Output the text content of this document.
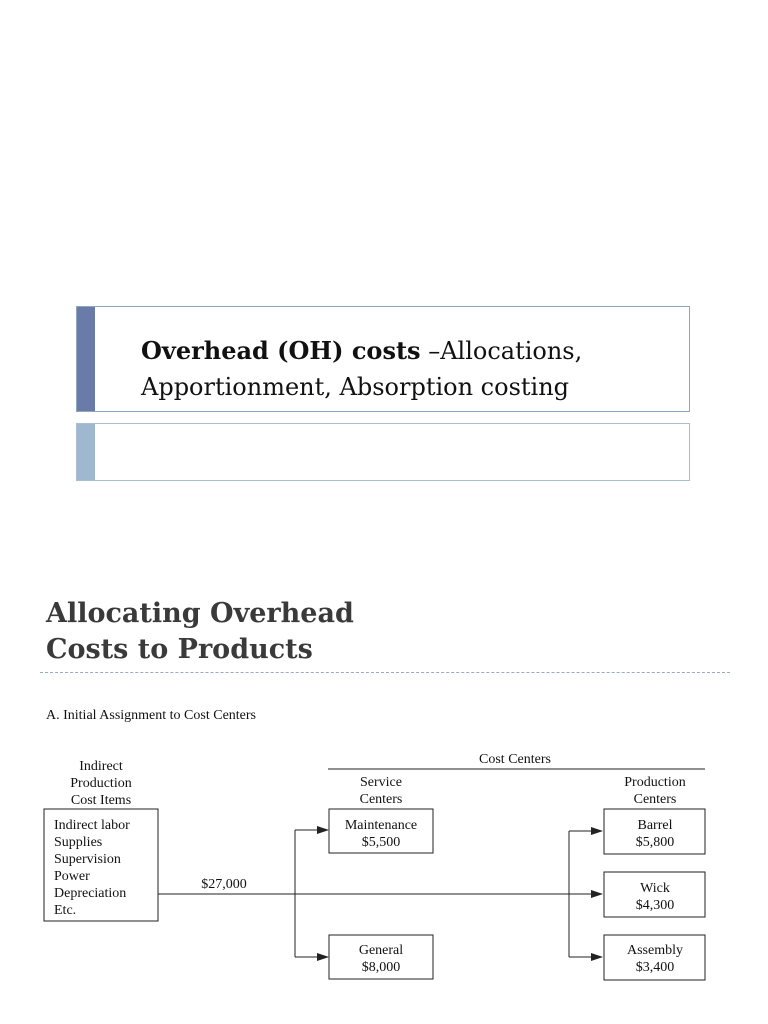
Overhead (OH) costs –Allocations, Apportionment, Absorption costing
Allocating Overhead
Costs to Products
A. Initial Assignment to Cost Centers
Indirect
Production
Cost Items
Indirect labor
Supplies
Supervision
Power
Depreciation
Etc.
Cost Centers
Service
Centers
Production
Centers
$27,000
Maintenance
$5,500
General
$8,000
Barrel
$5,800
Wick
$4,300
Assembly
$3,400
